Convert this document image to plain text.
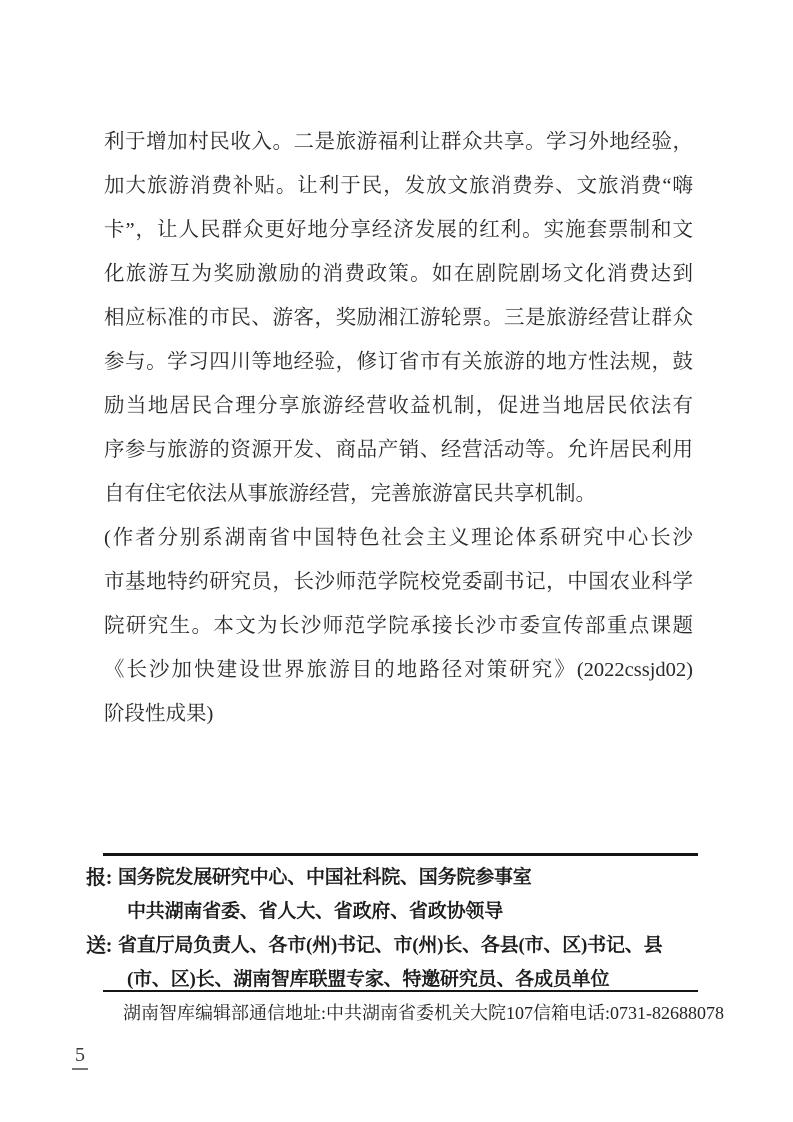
利于增加村民收入。二是旅游福利让群众共享。学习外地经验，
加大旅游消费补贴。让利于民，发放文旅消费券、文旅消费“嗨
卡”，让人民群众更好地分享经济发展的红利。实施套票制和文
化旅游互为奖励激励的消费政策。如在剧院剧场文化消费达到
相应标准的市民、游客，奖励湘江游轮票。三是旅游经营让群众
参与。学习四川等地经验，修订省市有关旅游的地方性法规，鼓
励当地居民合理分享旅游经营收益机制，促进当地居民依法有
序参与旅游的资源开发、商品产销、经营活动等。允许居民利用
自有住宅依法从事旅游经营，完善旅游富民共享机制。
(作者分别系湖南省中国特色社会主义理论体系研究中心长沙
市基地特约研究员，长沙师范学院校党委副书记，中国农业科学
院研究生。本文为长沙师范学院承接长沙市委宣传部重点课题
《长沙加快建设世界旅游目的地路径对策研究》(2022cssjd02)
阶段性成果)
报: 国务院发展研究中心、中国社科院、国务院参事室
中共湖南省委、省人大、省政府、省政协领导
送: 省直厅局负责人、各市(州)书记、市(州)长、各县(市、区)书记、县
(市、区)长、湖南智库联盟专家、特邀研究员、各成员单位
湖南智库编辑部通信地址:中共湖南省委机关大院107信箱 电话:0731-82688078
5
